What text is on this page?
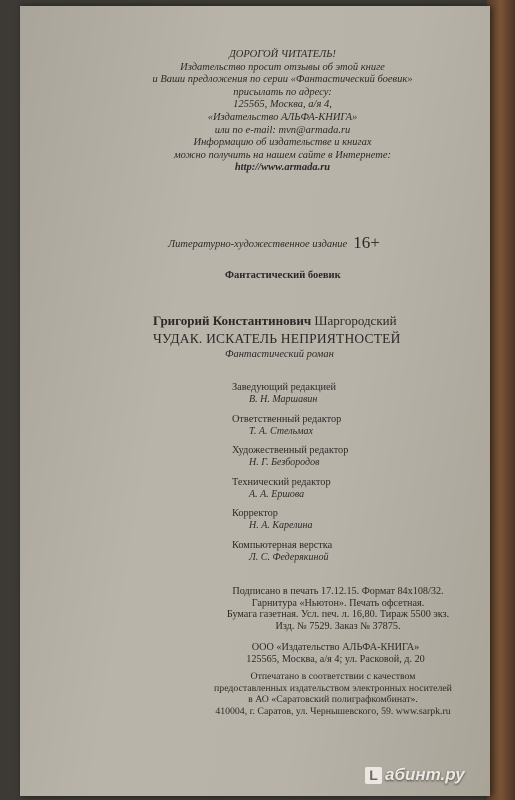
ДОРОГОЙ ЧИТАТЕЛЬ!
Издательство просит отзывы об этой книге
и Ваши предложения по серии «Фантастический боевик»
присылать по адресу:
125565, Москва, а/я 4,
«Издательство АЛЬФА-КНИГА»
или по e-mail: mvn@armada.ru
Информацию об издательстве и книгах
можно получить на нашем сайте в Интернете:
http://www.armada.ru
Литературно-художественное издание 16+
Фантастический боевик
Григорий Константинович Шаргородский
ЧУДАК. ИСКАТЕЛЬ НЕПРИЯТНОСТЕЙ
Фантастический роман
Заведующий редакцией
В. Н. Маршавин
Ответственный редактор
Т. А. Стельмах
Художественный редактор
Н. Г. Безбородов
Технический редактор
А. А. Ершова
Корректор
Н. А. Карелина
Компьютерная верстка
Л. С. Федерякиной
Подписано в печать 17.12.15. Формат 84х108/32.
Гарнитура «Ньютон». Печать офсетная.
Бумага газетная. Усл. печ. л. 16,80. Тираж 5500 экз.
Изд. № 7529. Заказ № 37875.
ООО «Издательство АЛЬФА-КНИГА»
125565, Москва, а/я 4; ул. Расковой, д. 20
Отпечатано в соответствии с качеством
предоставленных издательством электронных носителей
в АО «Саратовский полиграфкомбинат».
410004, г. Саратов, ул. Чернышевского, 59. www.sarpk.ru
L абинт.ру
